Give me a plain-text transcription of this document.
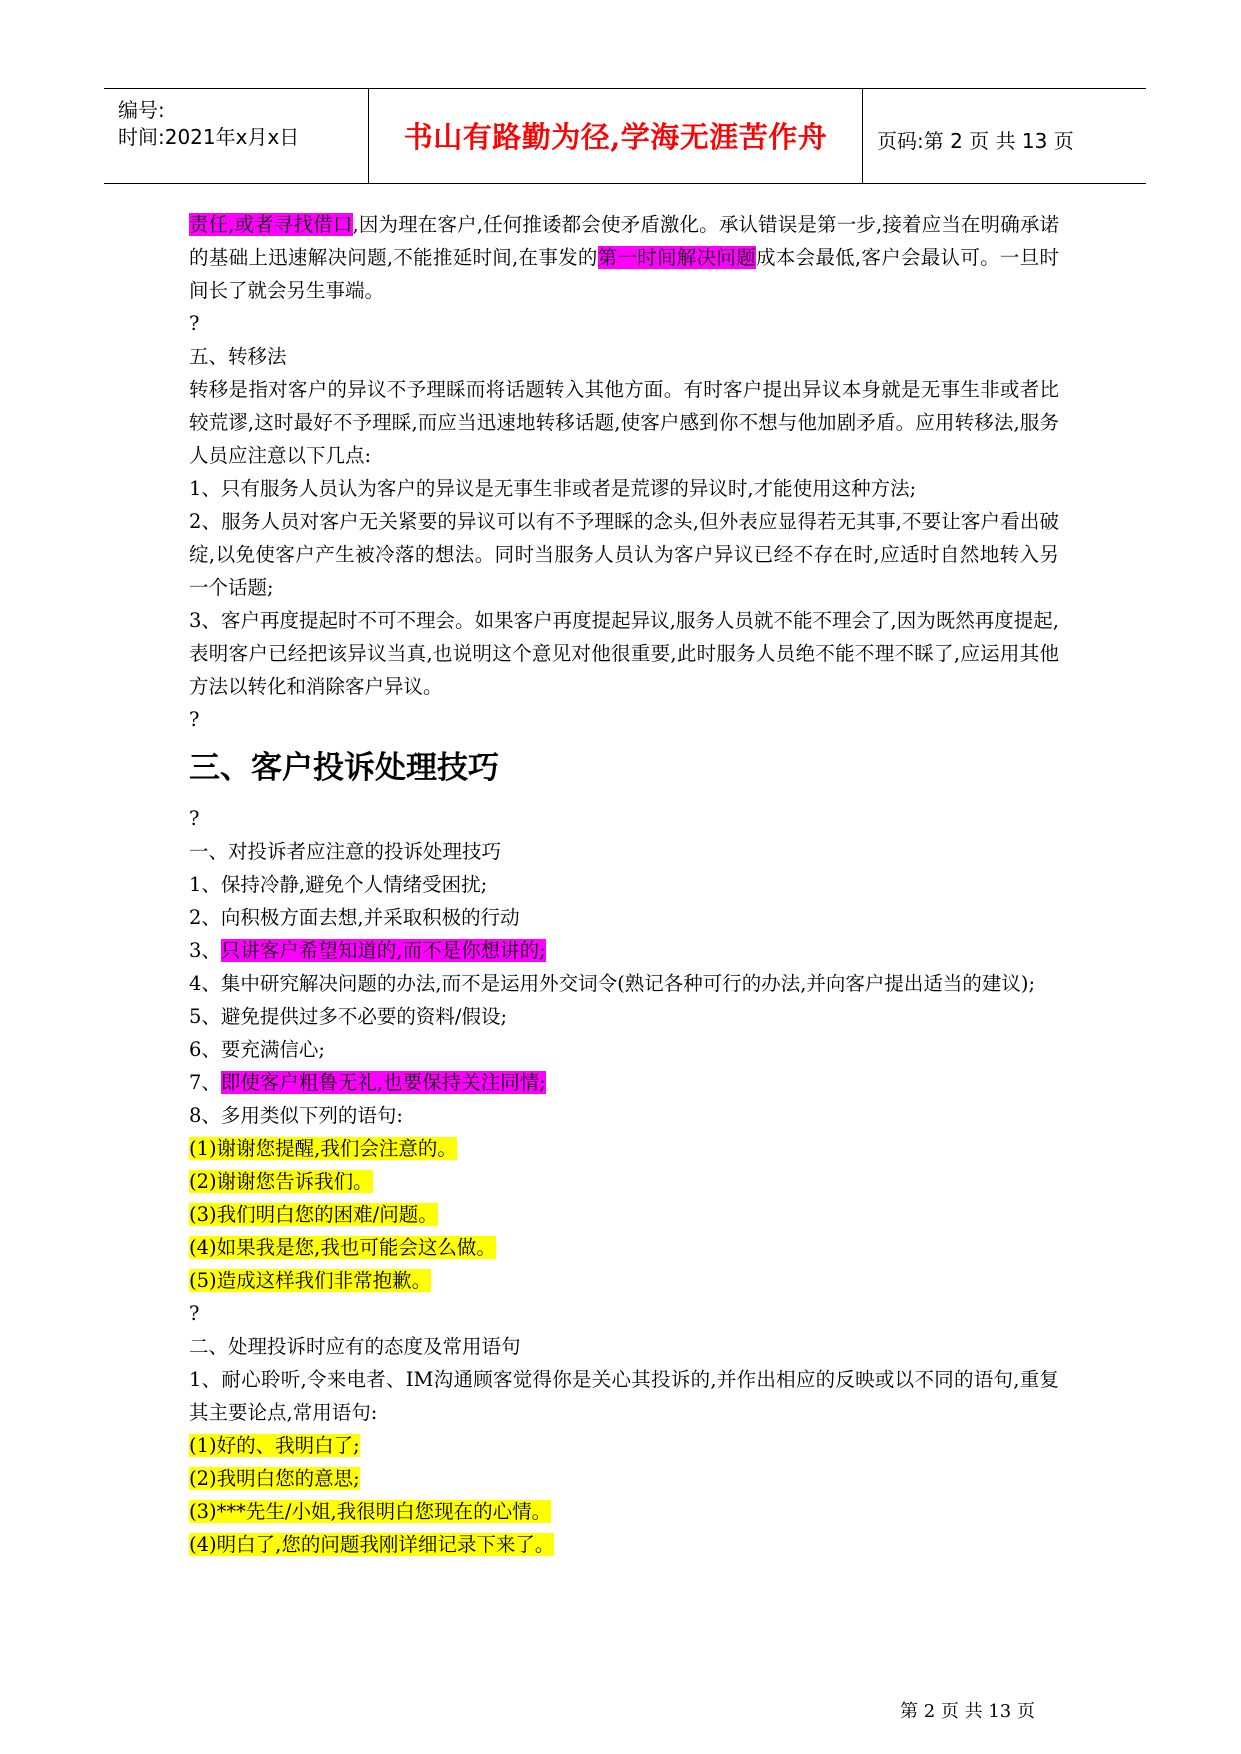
编号:
时间:2021年x月x日	书山有路勤为径,学海无涯苦作舟	页码:第 2 页 共 13 页

责任,或者寻找借口,因为理在客户,任何推诿都会使矛盾激化。承认错误是第一步,接着应当在明确承诺的基础上迅速解决问题,不能推延时间,在事发的第一时间解决问题成本会最低,客户会最认可。一旦时间长了就会另生事端。

?

五、转移法

转移是指对客户的异议不予理睬而将话题转入其他方面。有时客户提出异议本身就是无事生非或者比较荒谬,这时最好不予理睬,而应当迅速地转移话题,使客户感到你不想与他加剧矛盾。应用转移法,服务人员应注意以下几点:

1、只有服务人员认为客户的异议是无事生非或者是荒谬的异议时,才能使用这种方法;

2、服务人员对客户无关紧要的异议可以有不予理睬的念头,但外表应显得若无其事,不要让客户看出破绽,以免使客户产生被冷落的想法。同时当服务人员认为客户异议已经不存在时,应适时自然地转入另一个话题;

3、客户再度提起时不可不理会。如果客户再度提起异议,服务人员就不能不理会了,因为既然再度提起,表明客户已经把该异议当真,也说明这个意见对他很重要,此时服务人员绝不能不理不睬了,应运用其他方法以转化和消除客户异议。

?

三、客户投诉处理技巧

?

一、对投诉者应注意的投诉处理技巧

1、保持冷静,避免个人情绪受困扰;

2、向积极方面去想,并采取积极的行动

3、只讲客户希望知道的,而不是你想讲的;

4、集中研究解决问题的办法,而不是运用外交词令(熟记各种可行的办法,并向客户提出适当的建议);

5、避免提供过多不必要的资料/假设;

6、要充满信心;

7、即使客户粗鲁无礼,也要保持关注同情;

8、多用类似下列的语句:

(1)谢谢您提醒,我们会注意的。

(2)谢谢您告诉我们。

(3)我们明白您的困难/问题。

(4)如果我是您,我也可能会这么做。

(5)造成这样我们非常抱歉。

?

二、处理投诉时应有的态度及常用语句

1、耐心聆听,令来电者、IM沟通顾客觉得你是关心其投诉的,并作出相应的反映或以不同的语句,重复其主要论点,常用语句:

(1)好的、我明白了;

(2)我明白您的意思;

(3)***先生/小姐,我很明白您现在的心情。

(4)明白了,您的问题我刚详细记录下来了。

第 2 页 共 13 页
